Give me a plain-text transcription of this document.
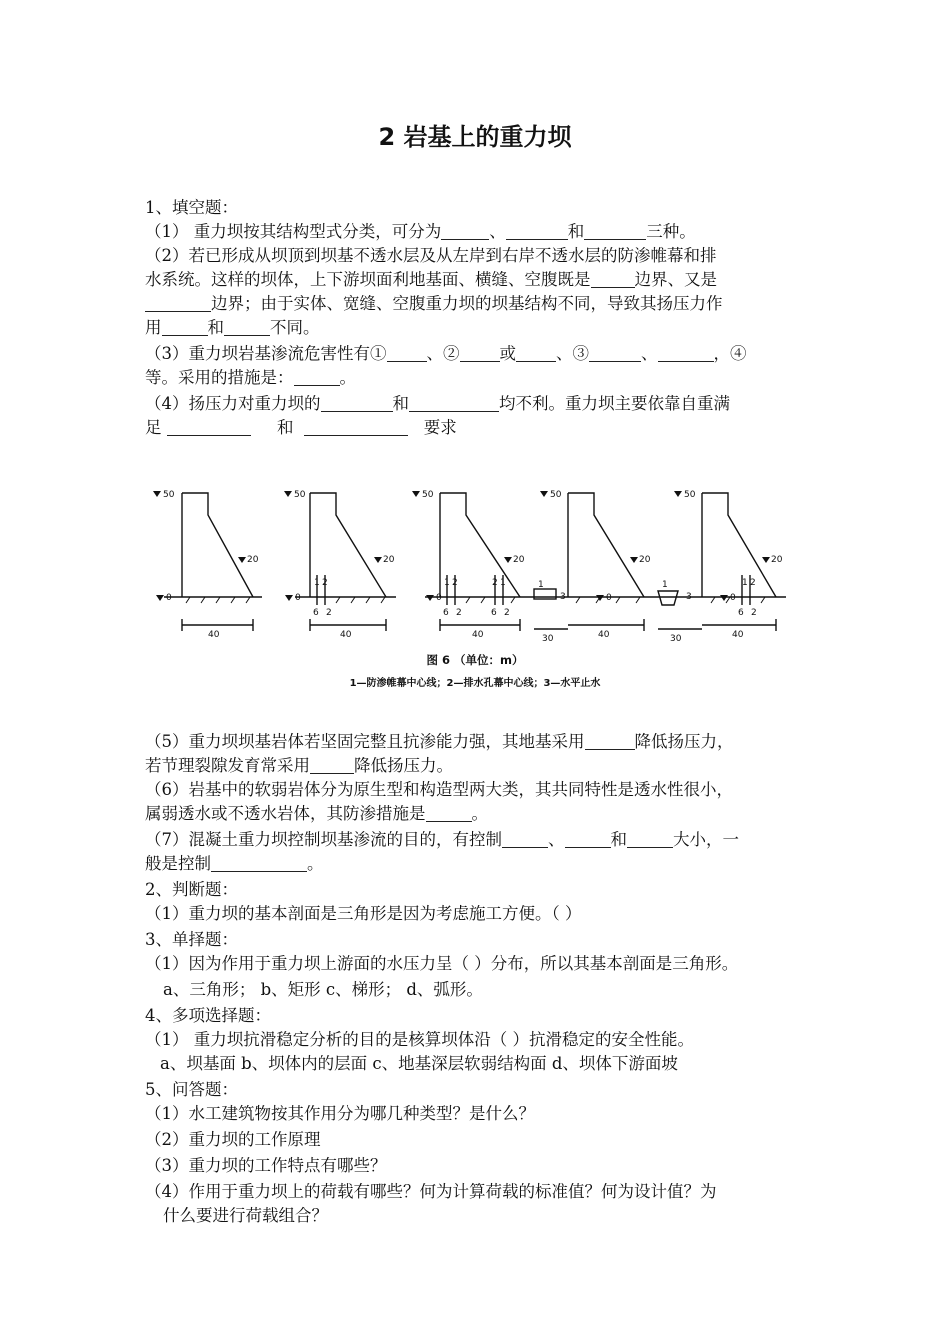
2 岩基上的重力坝
1、填空题：
（1） 重力坝按其结构型式分类，可分为	、	和	三种。
（2）若已形成从坝顶到坝基不透水层及从左岸到右岸不透水层的防渗帷幕和排
水系统。这样的坝体，上下游坝面利地基面、横缝、空腹既是	边界、又是
边界；由于实体、宽缝、空腹重力坝的坝基结构不同，导致其扬压力作
用	和	不同。
（3）重力坝岩基渗流危害性有① 、② 或 、③	、	，④
等。采用的措施是：	。
（4）扬压力对重力坝的	和	均不利。重力坝主要依靠自重满
足	和	要求
50	50	50	50	50
20	20	20	20	20
0	0	0	0	0
40	40	40	40	40
30	30
6 2	6 2	6 2	6 2
1 2	1 2	2 1	1
3
1
3
1 2
图 6 （单位：m）
1—防渗帷幕中心线；2—排水孔幕中心线；3—水平止水
（5）重力坝坝基岩体若坚固完整且抗渗能力强，其地基采用	降低扬压力，
若节理裂隙发育常采用	降低扬压力。
（6）岩基中的软弱岩体分为原生型和构造型两大类，其共同特性是透水性很小，
属弱透水或不透水岩体，其防渗措施是	。
（7）混凝土重力坝控制坝基渗流的目的，有控制	、	和	大小，一
般是控制	。
2、判断题：
（1）重力坝的基本剖面是三角形是因为考虑施工方便。（ ）
3、单择题：
（1）因为作用于重力坝上游面的水压力呈（ ）分布，所以其基本剖面是三角形。
a、三角形； b、矩形 c、梯形； d、弧形。
4、多项选择题：
（1） 重力坝抗滑稳定分析的目的是核算坝体沿（ ）抗滑稳定的安全性能。
a、坝基面 b、坝体内的层面 c、地基深层软弱结构面 d、坝体下游面坡
5、问答题：
（1）水工建筑物按其作用分为哪几种类型？是什么？
（2）重力坝的工作原理
（3）重力坝的工作特点有哪些？
（4）作用于重力坝上的荷载有哪些？何为计算荷载的标准值？何为设计值？为
什么要进行荷载组合？
